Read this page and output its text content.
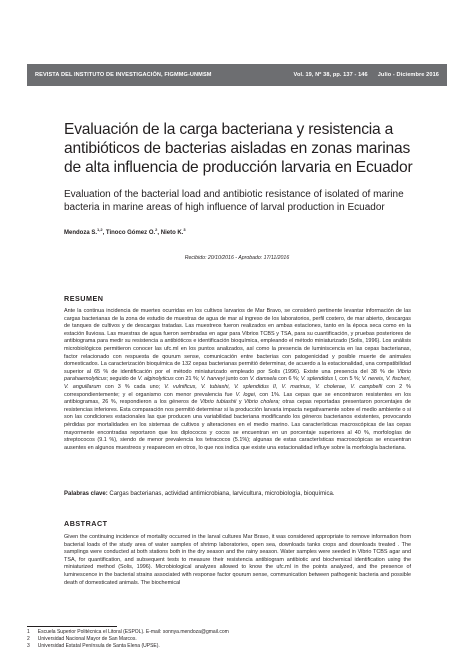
REVISTA DEL INSTITUTO DE INVESTIGACIÓN, FIGMMG-UNMSM	Vol. 19, Nº 38, pp. 137 - 146 Julio - Diciembre 2016
Evaluación de la carga bacteriana y resistencia a antibióticos de bacterias aisladas en zonas marinas de alta influencia de producción larvaria en Ecuador
Evaluation of the bacterial load and antibiotic resistance of isolated of marine bacteria in marine areas of high influence of larval production in Ecuador
Mendoza S.$^{1,2}$, Tinoco Gómez O.$^2$, Nieto K.$^3$
Recibido: 20/10/2016 - Aprobado: 17/11/2016
RESUMEN
Ante la continua incidencia de muertes ocurridas en los cultivos larvarios de Mar Bravo, se consideró pertinente levantar información de las cargas bacterianas de la zona de estudio de muestras de agua de mar al ingreso de los laboratorios, perfil costero, de mar abierto, descargas de tanques de cultivos y de descargas tratadas. Las muestreos fueron realizados en ambas estaciones, tanto en la época seca como en la estación lluviosa. Las muestras de agua fueron sembradas en agar para Vibrios TCBS y TSA, para su cuantificación, y pruebas posteriores de antibiograma para medir su resistencia a antibióticos e identificación bioquímica, empleando el método miniaturizado (Solis, 1996). Los análisis microbiológicos permitieron conocer las ufc.ml en los puntos analizados, así como la presencia de luminiscencia en las cepas bacterianas, factor relacionado con respuesta de qourum sense, comunicación entre bacterias con patogenicidad y posible muerte de animales domesticados. La caracterización bioquímica de 132 cepas bacterianas permitió determinar, de acuerdo a la estacionalidad, una compatibilidad superior al 65 % de identificación por el método miniaturizado empleado por Solis (1996). Existe una presencia del 38 % de Vibrio parahaemolyticus; seguido de V. alginolyticus con 21 %; V. harveyi junto con V. damsela con 6 %; V. splendidus I, con 5 %; V. nereis, V. fischeri, V. anguillarum con 3 % cada uno; V. vulnificus, V. tubiashi, V. splendidus II, V. marinus, V. cholerae, V. campbelli con 2 % correspondientemente; y el organismo con menor prevalencia fue V. logei, con 1%. Las cepas que se encontraron resistentes en los antibiogramas, 26 %, respondieron a los géneros de Vibrio tubiashii y Vibrio cholera; otras cepas reportadas presentaron porcentajes de resistencias inferiores. Esta comparación nos permitió determinar si la producción larvaria impacta negativamente sobre el medio ambiente o si son las condiciones estacionales las que producen una variabilidad bacteriana modificando los géneros bacterianos existentes, provocando pérdidas por mortalidades en los sistemas de cultivos y alteraciones en el medio marino. Las características macroscópicas de las cepas mayormente encontradas reportaron que los diplococos y cocos se encuentran en un porcentaje superiores al 40 %, morfologías de streptococos (9.1 %), siendo de menor prevalencia los tetracocos (5.1%); algunas de estas características macroscópicas se encuentran ausentes en algunos muestreos y reaparecen en otros, lo que nos indica que existe una estacionalidad influye sobre la morfología bacteriana.
Palabras clave: Cargas bacterianas, actividad antimicrobiana, larvicultura, microbiología, bioquímica.
ABSTRACT
Given the continuing incidence of mortality occurred in the larval cultures Mar Bravo, it was considered appropriate to remove information from bacterial loads of the study area of water samples of shrimp laboratories, open sea, downloads tanks crops and downloads treated . The samplings were conducted at both stations both in the dry season and the rainy season. Water samples were seeded in Vibrio TCBS agar and TSA, for quantification, and subsequent tests to measure their resistencia antibiogram antibiotic and biochemical identification using the miniaturized method (Solis, 1996). Microbiological analyzes allowed to know the ufc.ml in the points analyzed, and the presence of luminescence in the bacterial strains associated with response factor qourum sense, communication between pathogenic bacteria and possible death of domesticated animals. The biochemical
1 Escuela Superior Politécnica el Litoral (ESPOL). E-mail: sonnya.mendoza@gmail.com
2 Universidad Nacional Mayor de San Marcos.
3 Universidad Estatal Península de Santa Elena (UPSE).
